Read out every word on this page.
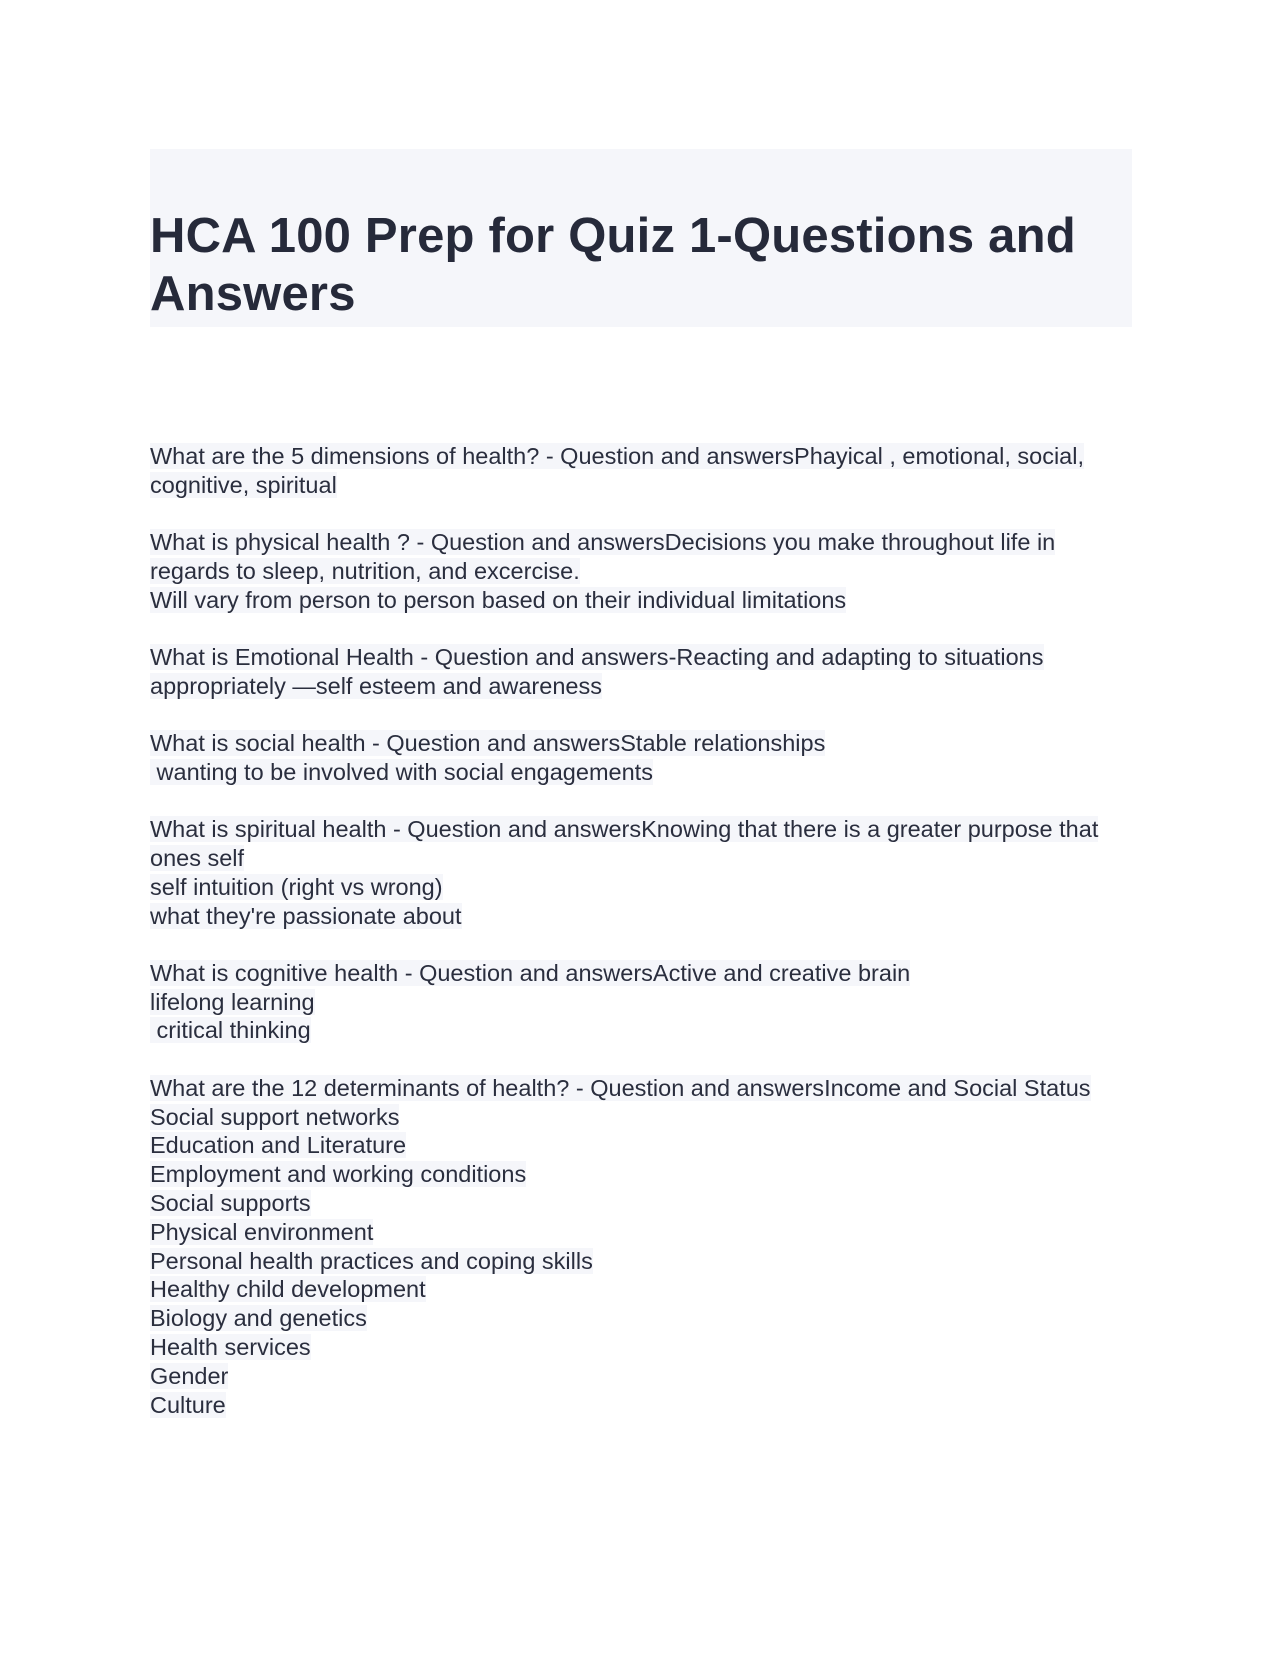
HCA 100 Prep for Quiz 1-Questions and Answers
What are the 5 dimensions of health? - Question and answersPhayical , emotional, social, cognitive, spiritual
What is physical health ? - Question and answersDecisions you make throughout life in regards to sleep, nutrition, and excercise.
Will vary from person to person based on their individual limitations
What is Emotional Health - Question and answers-Reacting and adapting to situations appropriately —self esteem and awareness
What is social health - Question and answersStable relationships
wanting to be involved with social engagements
What is spiritual health - Question and answersKnowing that there is a greater purpose that ones self
self intuition (right vs wrong)
what they're passionate about
What is cognitive health - Question and answersActive and creative brain
lifelong learning
critical thinking
What are the 12 determinants of health? - Question and answersIncome and Social Status
Social support networks
Education and Literature
Employment and working conditions
Social supports
Physical environment
Personal health practices and coping skills
Healthy child development
Biology and genetics
Health services
Gender
Culture
